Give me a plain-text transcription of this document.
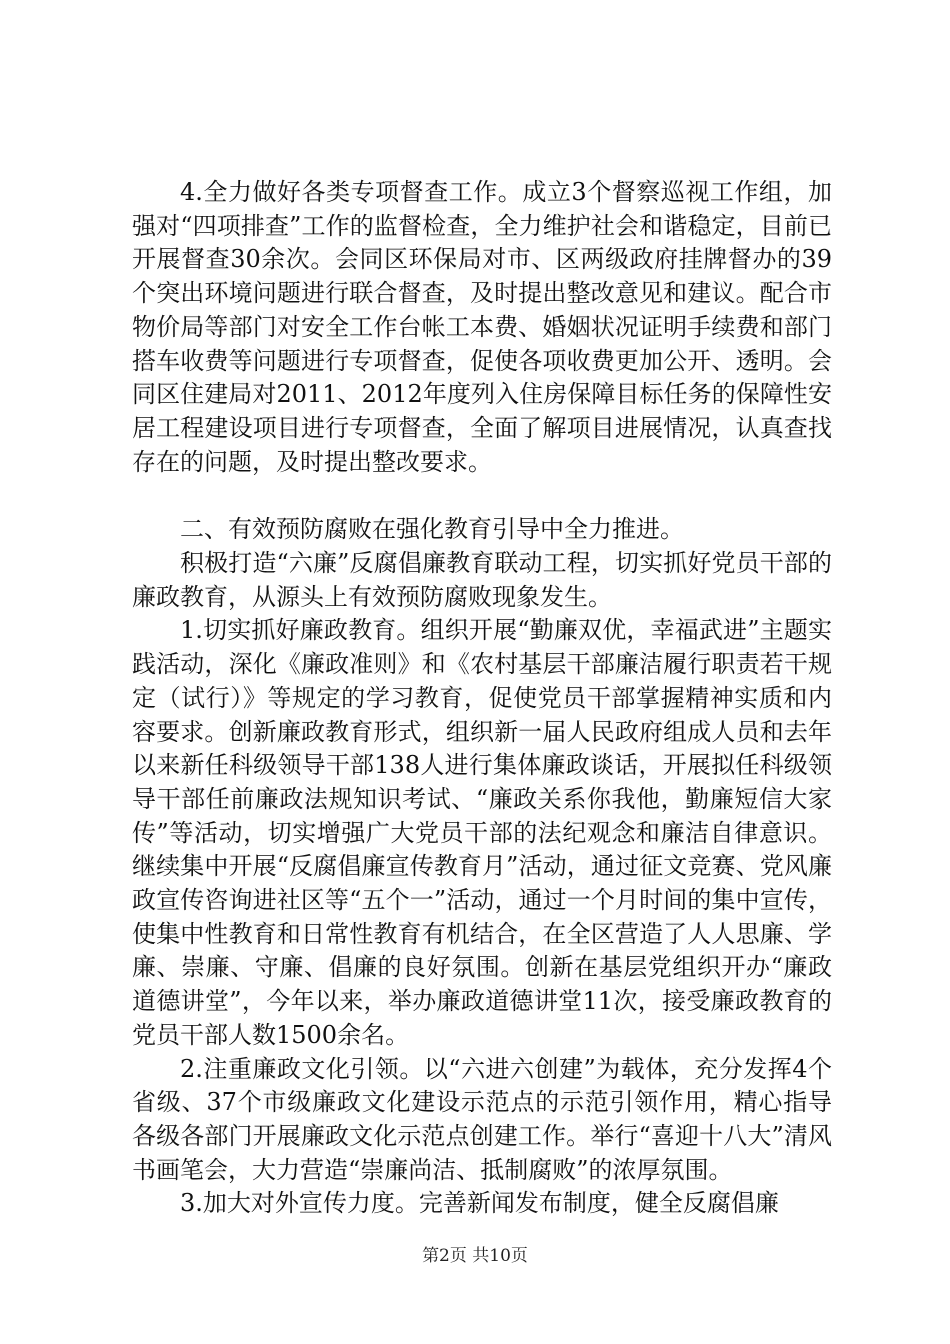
4.全力做好各类专项督查工作。成立3个督察巡视工作组，加强对“四项排查”工作的监督检查，全力维护社会和谐稳定，目前已开展督查30余次。会同区环保局对市、区两级政府挂牌督办的39个突出环境问题进行联合督查，及时提出整改意见和建议。配合市物价局等部门对安全工作台帐工本费、婚姻状况证明手续费和部门搭车收费等问题进行专项督查，促使各项收费更加公开、透明。会同区住建局对2011、2012年度列入住房保障目标任务的保障性安居工程建设项目进行专项督查，全面了解项目进展情况，认真查找存在的问题，及时提出整改要求。

二、有效预防腐败在强化教育引导中全力推进。

积极打造“六廉”反腐倡廉教育联动工程，切实抓好党员干部的廉政教育，从源头上有效预防腐败现象发生。

1.切实抓好廉政教育。组织开展“勤廉双优，幸福武进”主题实践活动，深化《廉政准则》和《农村基层干部廉洁履行职责若干规定（试行）》等规定的学习教育，促使党员干部掌握精神实质和内容要求。创新廉政教育形式，组织新一届人民政府组成人员和去年以来新任科级领导干部138人进行集体廉政谈话，开展拟任科级领导干部任前廉政法规知识考试、“廉政关系你我他，勤廉短信大家传”等活动，切实增强广大党员干部的法纪观念和廉洁自律意识。继续集中开展“反腐倡廉宣传教育月”活动，通过征文竞赛、党风廉政宣传咨询进社区等“五个一”活动，通过一个月时间的集中宣传，使集中性教育和日常性教育有机结合，在全区营造了人人思廉、学廉、崇廉、守廉、倡廉的良好氛围。创新在基层党组织开办“廉政道德讲堂”，今年以来，举办廉政道德讲堂11次，接受廉政教育的党员干部人数1500余名。

2.注重廉政文化引领。以“六进六创建”为载体，充分发挥4个省级、37个市级廉政文化建设示范点的示范引领作用，精心指导各级各部门开展廉政文化示范点创建工作。举行“喜迎十八大”清风书画笔会，大力营造“崇廉尚洁、抵制腐败”的浓厚氛围。

3.加大对外宣传力度。完善新闻发布制度，健全反腐倡廉

第2页 共10页
